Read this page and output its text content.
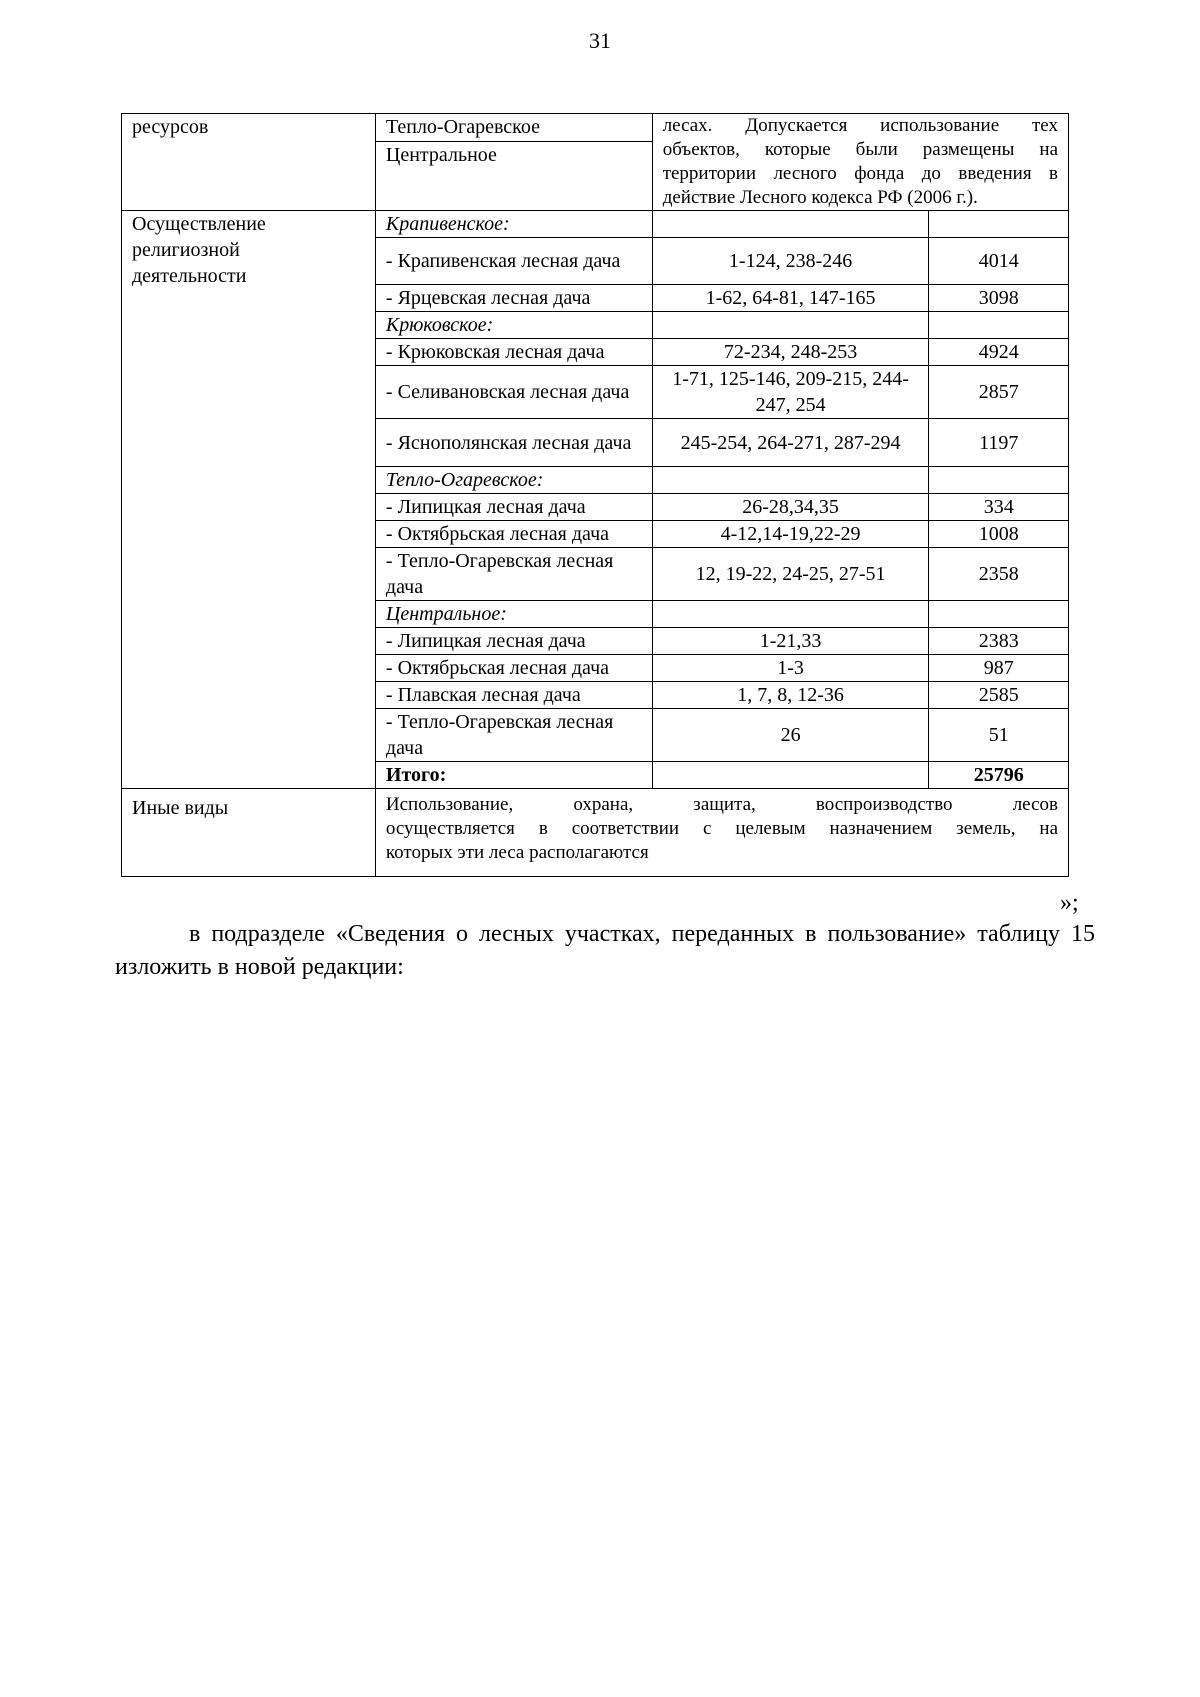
31
ресурсов	Тепло-Огаревское	лесах. Допускается использование тех
объектов, которые были размещены на
территории лесного фонда до введения в
действие Лесного кодекса РФ (2006 г.).	

	Центральное		

Осуществление
религиозной
деятельности	Крапивенское:		
	- Крапивенская лесная дача	1-124, 238-246	4014
	- Ярцевская лесная дача	1-62, 64-81, 147-165	3098
	Крюковское:		
	- Крюковская лесная дача	72-234, 248-253	4924
	- Селивановская лесная дача	1-71, 125-146, 209-215, 244-247, 254	2857
	- Яснополянская лесная дача	245-254, 264-271, 287-294	1197
	Тепло-Огаревское:		
	- Липицкая лесная дача	26-28,34,35	334
	- Октябрьская лесная дача	4-12,14-19,22-29	1008
	- Тепло-Огаревская лесная дача	12, 19-22, 24-25, 27-51	2358
	Центральное:		
	- Липицкая лесная дача	1-21,33	2383
	- Октябрьская лесная дача	1-3	987
	- Плавская лесная дача	1, 7, 8, 12-36	2585
	- Тепло-Огаревская лесная дача	26	51
	Итого:		25796
Иные виды	Использование, охрана, защита, воспроизводство лесов
осуществляется в соответствии с целевым назначением земель, на
которых эти леса располагаются		
»;
в подразделе «Сведения о лесных участках, переданных в пользование» таблицу 15 изложить в новой редакции:
